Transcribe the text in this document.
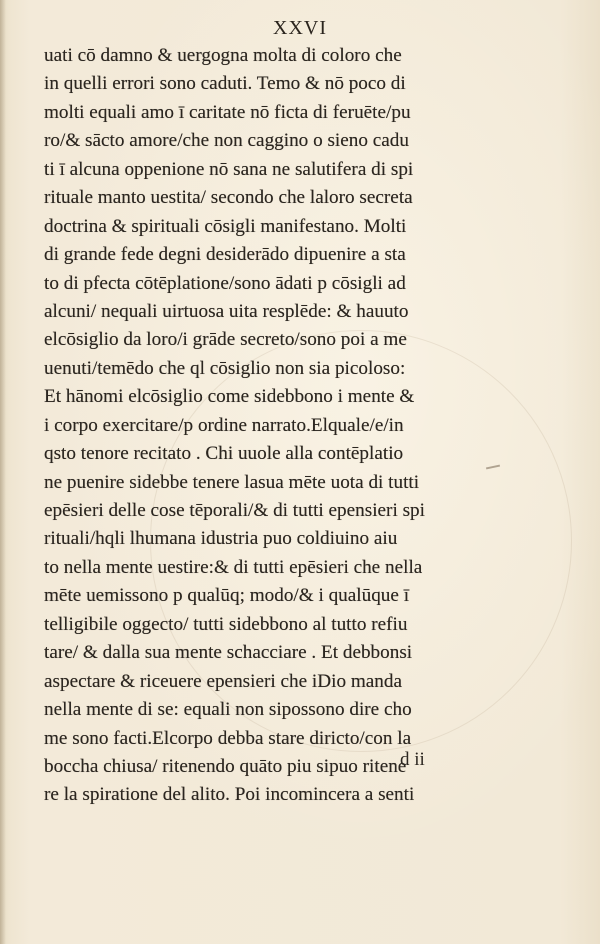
XXVI
uati cō damno & uergogna molta di coloro che
in quelli errori sono caduti. Temo & nō poco di
molti equali amo ī caritate nō ficta di feruēte/pu
ro/& sācto amore/che non caggino o sieno cadu
ti ī alcuna oppenione nō sana ne salutifera di spi
rituale manto uestita/ secondo che laloro secreta
doctrina & spirituali cōsigli manifestano. Molti
di grande fede degni desiderādo dipuenire a sta
to di pfecta cōtēplatione/sono ādati p cōsigli ad
alcuni/ nequali uirtuosa uita resplēde: & hauuto
elcōsiglio da loro/i grāde secreto/sono poi a me
uenuti/temēdo che ql cōsiglio non sia picoloso:
Et hānomi elcōsiglio come sidebbono i mente &
i corpo exercitare/p ordine narrato.Elquale/e/in
qsto tenore recitato . Chi uuole alla contēplatio
ne puenire sidebbe tenere lasua mēte uota di tutti
epēsieri delle cose tēporali/& di tutti epensieri spi
rituali/hqli lhumana idustria puo coldiuino aiu
to nella mente uestire:& di tutti epēsieri che nella
mēte uemissono p qualūq; modo/& i qualūque ī
telligibile oggecto/ tutti sidebbono al tutto refiu
tare/ & dalla sua mente schacciare . Et debbonsi
aspectare & riceuere epensieri che iDio manda
nella mente di se: equali non sipossono dire cho
me sono facti.Elcorpo debba stare diricto/con la
boccha chiusa/ ritenendo quāto piu sipuo ritene
re la spiratione del alito. Poi incomincera a senti
d ii
